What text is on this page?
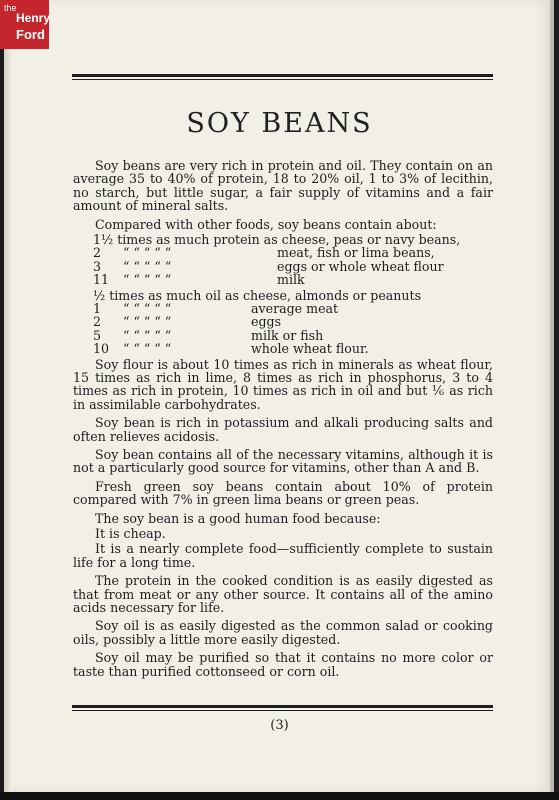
the
Henry
Ford
SOY BEANS

Soy beans are very rich in protein and oil. They contain on an average 35 to 40% of protein, 18 to 20% oil, 1 to 3% of lecithin, no starch, but little sugar, a fair supply of vitamins and a fair amount of mineral salts.

Compared with other foods, soy beans contain about:

1½ times as much protein as cheese, peas or navy beans,
2	“ “ “ “ “	meat, fish or lima beans,
3	“ “ “ “ “	eggs or whole wheat flour
11	“ “ “ “ “	milk
½ times as much oil as cheese, almonds or peanuts
1	“ “ “ “ “	average meat
2	“ “ “ “ “	eggs
5	“ “ “ “ “	milk or fish
10	“ “ “ “ “	whole wheat flour.

Soy flour is about 10 times as rich in minerals as wheat flour, 15 times as rich in lime, 8 times as rich in phosphorus, 3 to 4 times as rich in protein, 10 times as rich in oil and but ⅙ as rich in assimilable carbohydrates.

Soy bean is rich in potassium and alkali producing salts and often relieves acidosis.

Soy bean contains all of the necessary vitamins, although it is not a particularly good source for vitamins, other than A and B.

Fresh green soy beans contain about 10% of protein compared with 7% in green lima beans or green peas.

The soy bean is a good human food because:

It is cheap.

It is a nearly complete food—sufficiently complete to sustain life for a long time.

The protein in the cooked condition is as easily digested as that from meat or any other source. It contains all of the amino acids necessary for life.

Soy oil is as easily digested as the common salad or cooking oils, possibly a little more easily digested.

Soy oil may be purified so that it contains no more color or taste than purified cottonseed or corn oil.

(3)
